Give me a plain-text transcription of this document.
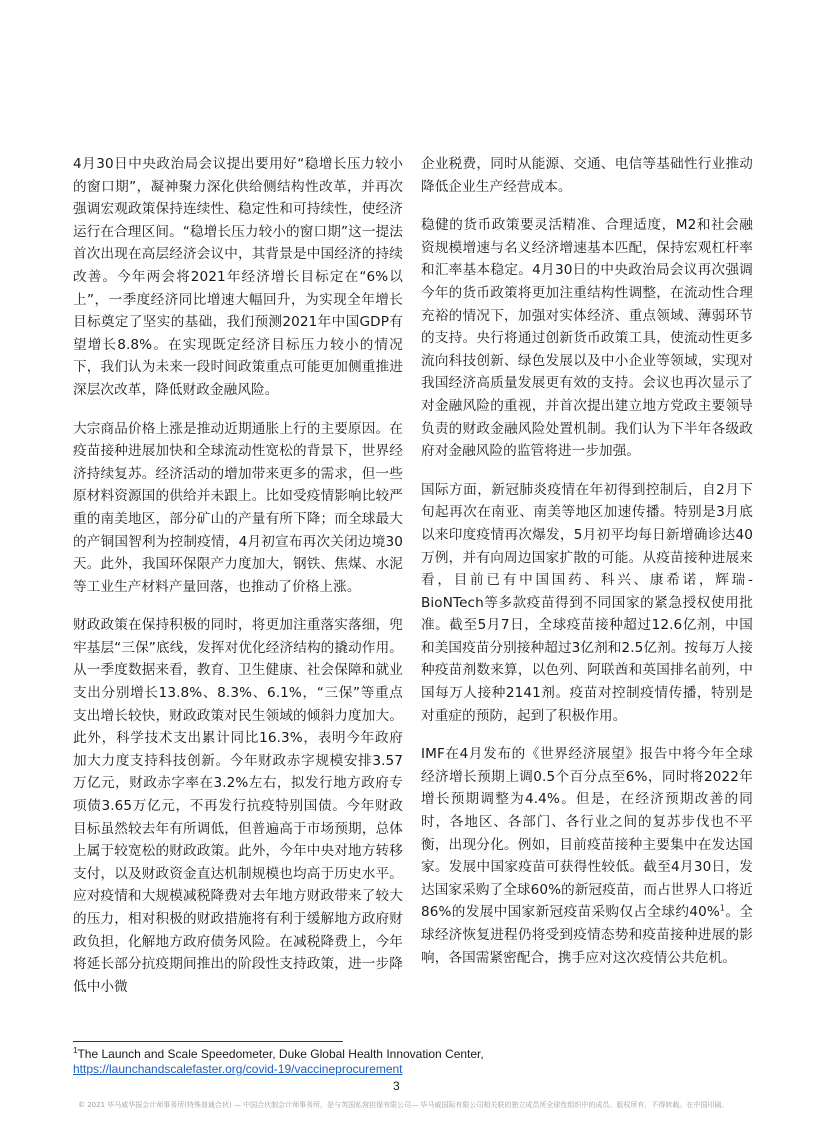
4月30日中央政治局会议提出要用好“稳增长压力较小的窗口期”，凝神聚力深化供给侧结构性改革，并再次强调宏观政策保持连续性、稳定性和可持续性，使经济运行在合理区间。“稳增长压力较小的窗口期”这一提法首次出现在高层经济会议中，其背景是中国经济的持续改善。今年两会将2021年经济增长目标定在“6%以上”，一季度经济同比增速大幅回升，为实现全年增长目标奠定了坚实的基础，我们预测2021年中国GDP有望增长8.8%。在实现既定经济目标压力较小的情况下，我们认为未来一段时间政策重点可能更加侧重推进深层次改革，降低财政金融风险。

大宗商品价格上涨是推动近期通胀上行的主要原因。在疫苗接种进展加快和全球流动性宽松的背景下，世界经济持续复苏。经济活动的增加带来更多的需求，但一些原材料资源国的供给并未跟上。比如受疫情影响比较严重的南美地区，部分矿山的产量有所下降；而全球最大的产铜国智利为控制疫情，4月初宣布再次关闭边境30天。此外，我国环保限产力度加大，钢铁、焦煤、水泥等工业生产材料产量回落，也推动了价格上涨。

财政政策在保持积极的同时，将更加注重落实落细，兜牢基层“三保”底线，发挥对优化经济结构的撬动作用。从一季度数据来看，教育、卫生健康、社会保障和就业支出分别增长13.8%、8.3%、6.1%，“三保”等重点支出增长较快，财政政策对民生领域的倾斜力度加大。此外，科学技术支出累计同比16.3%，表明今年政府加大力度支持科技创新。今年财政赤字规模安排3.57万亿元，财政赤字率在3.2%左右，拟发行地方政府专项债3.65万亿元，不再发行抗疫特别国债。今年财政目标虽然较去年有所调低，但普遍高于市场预期，总体上属于较宽松的财政政策。此外，今年中央对地方转移支付，以及财政资金直达机制规模也均高于历史水平。应对疫情和大规模减税降费对去年地方财政带来了较大的压力，相对积极的财政措施将有利于缓解地方政府财政负担，化解地方政府债务风险。在减税降费上，今年将延长部分抗疫期间推出的阶段性支持政策，进一步降低中小微

企业税费，同时从能源、交通、电信等基础性行业推动降低企业生产经营成本。

稳健的货币政策要灵活精准、合理适度，M2和社会融资规模增速与名义经济增速基本匹配，保持宏观杠杆率和汇率基本稳定。4月30日的中央政治局会议再次强调今年的货币政策将更加注重结构性调整，在流动性合理充裕的情况下，加强对实体经济、重点领域、薄弱环节的支持。央行将通过创新货币政策工具，使流动性更多流向科技创新、绿色发展以及中小企业等领域，实现对我国经济高质量发展更有效的支持。会议也再次显示了对金融风险的重视，并首次提出建立地方党政主要领导负责的财政金融风险处置机制。我们认为下半年各级政府对金融风险的监管将进一步加强。

国际方面，新冠肺炎疫情在年初得到控制后，自2月下旬起再次在南亚、南美等地区加速传播。特别是3月底以来印度疫情再次爆发，5月初平均每日新增确诊达40万例，并有向周边国家扩散的可能。从疫苗接种进展来看，目前已有中国国药、科兴、康希诺，辉瑞-BioNTech等多款疫苗得到不同国家的紧急授权使用批准。截至5月7日，全球疫苗接种超过12.6亿剂，中国和美国疫苗分别接种超过3亿剂和2.5亿剂。按每万人接种疫苗剂数来算，以色列、阿联酋和英国排名前列，中国每万人接种2141剂。疫苗对控制疫情传播，特别是对重症的预防，起到了积极作用。

IMF在4月发布的《世界经济展望》报告中将今年全球经济增长预期上调0.5个百分点至6%，同时将2022年增长预期调整为4.4%。但是，在经济预期改善的同时，各地区、各部门、各行业之间的复苏步伐也不平衡，出现分化。例如，目前疫苗接种主要集中在发达国家。发展中国家疫苗可获得性较低。截至4月30日，发达国家采购了全球60%的新冠疫苗，而占世界人口将近86%的发展中国家新冠疫苗采购仅占全球约40%$^1$。全球经济恢复进程仍将受到疫情态势和疫苗接种进展的影响，各国需紧密配合，携手应对这次疫情公共危机。

$^1$The Launch and Scale Speedometer, Duke Global Health Innovation Center,
https://launchandscalefaster.org/covid-19/vaccineprocurement
3
© 2021 毕马威华振会计师事务所(特殊普通合伙) — 中国合伙制会计师事务所，是与英国私营担保有限公司— 毕马威国际有限公司相关联的独立成员所全球性组织中的成员。版权所有，不得转载。在中国印刷。
